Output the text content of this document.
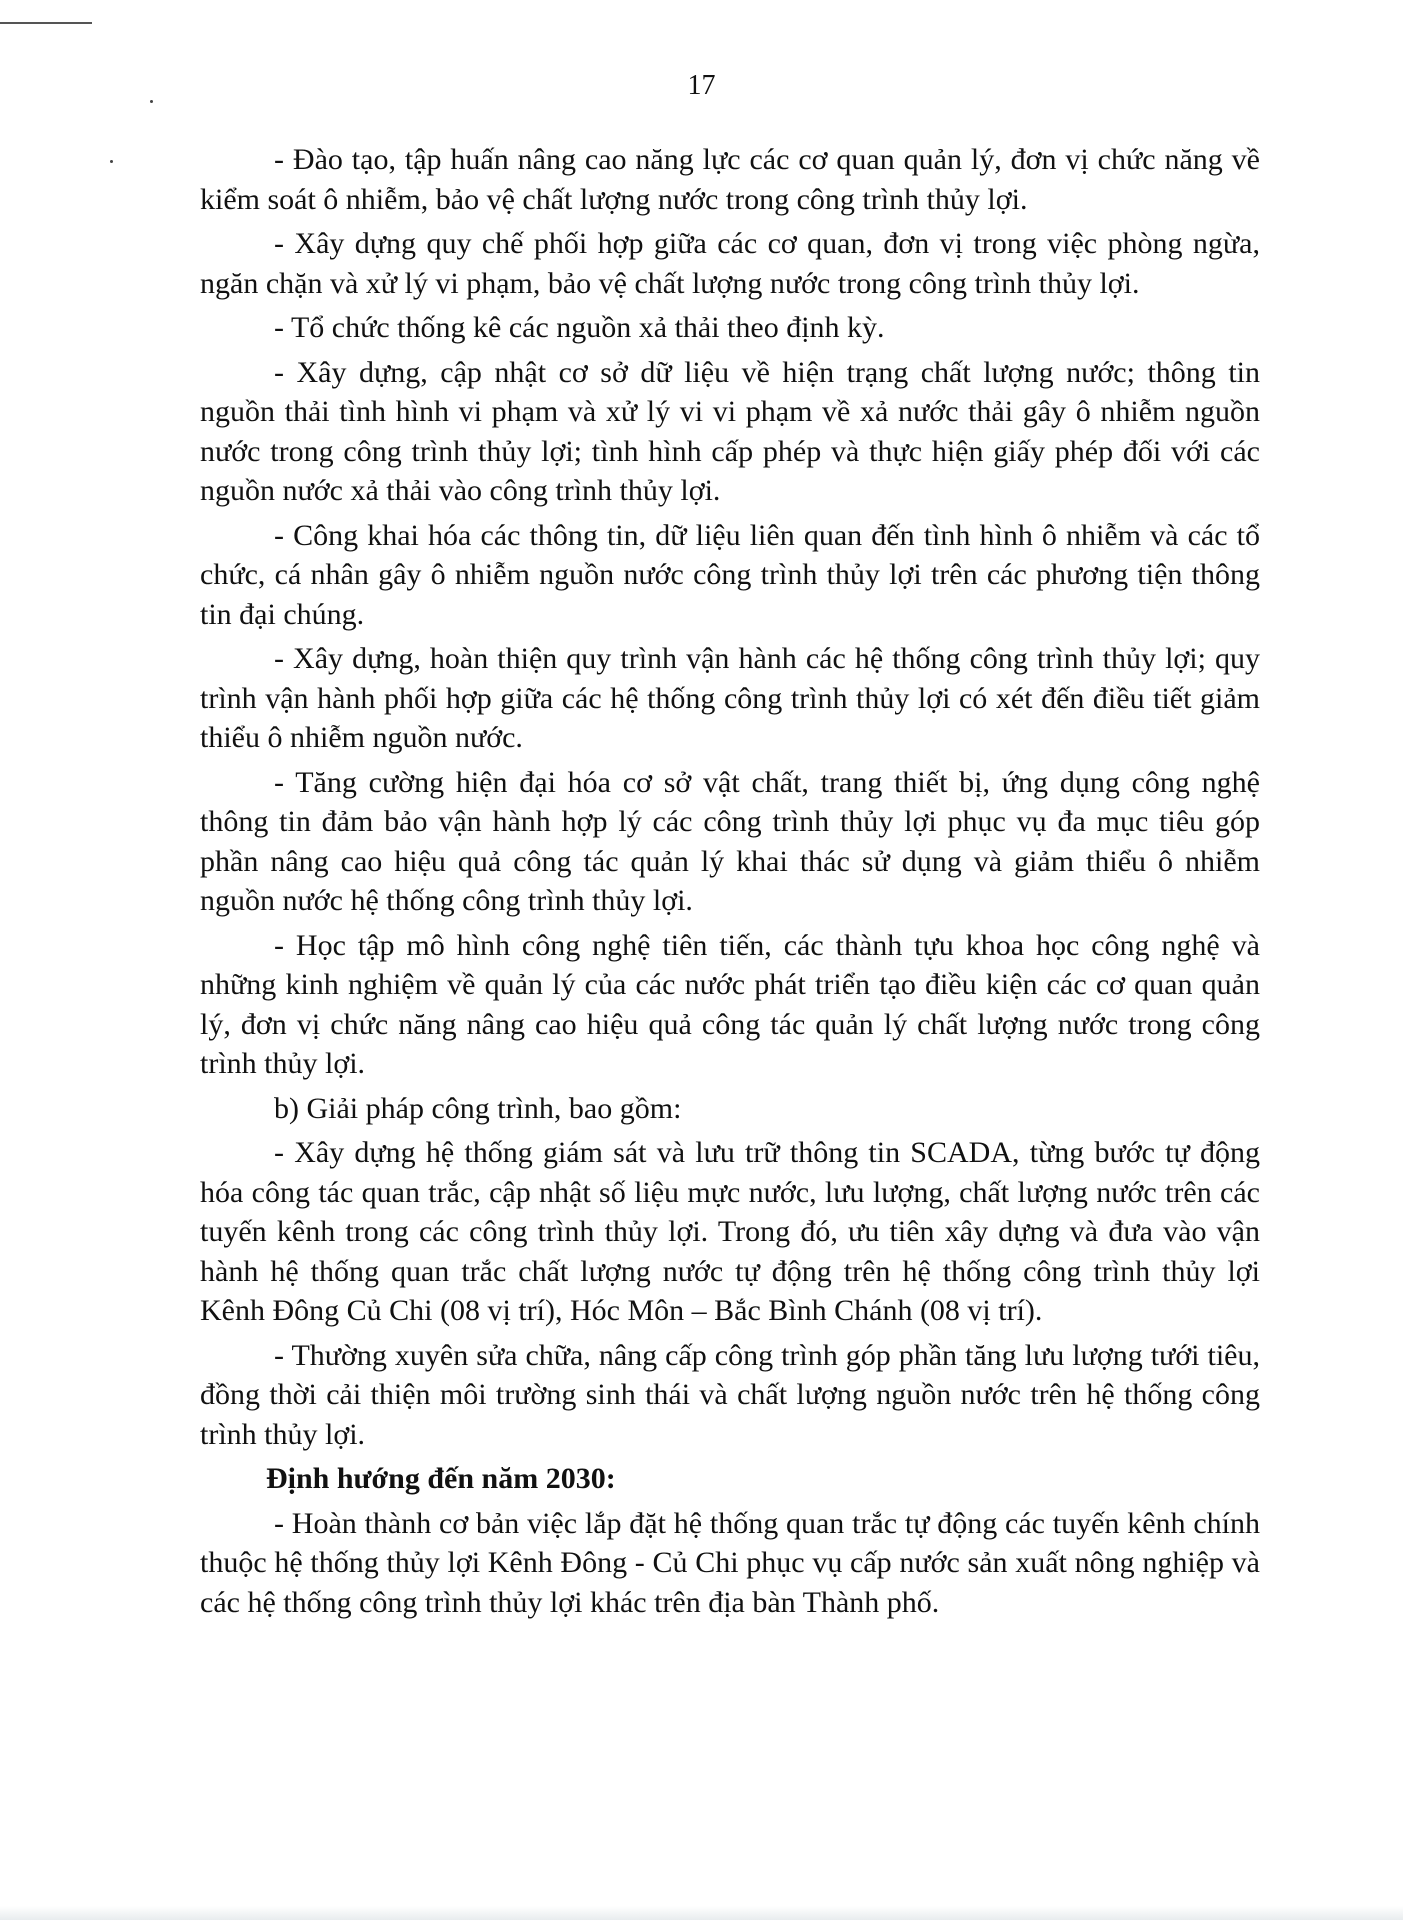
17

- Đào tạo, tập huấn nâng cao năng lực các cơ quan quản lý, đơn vị chức năng về kiểm soát ô nhiễm, bảo vệ chất lượng nước trong công trình thủy lợi.

- Xây dựng quy chế phối hợp giữa các cơ quan, đơn vị trong việc phòng ngừa, ngăn chặn và xử lý vi phạm, bảo vệ chất lượng nước trong công trình thủy lợi.

- Tổ chức thống kê các nguồn xả thải theo định kỳ.

- Xây dựng, cập nhật cơ sở dữ liệu về hiện trạng chất lượng nước; thông tin nguồn thải tình hình vi phạm và xử lý vi vi phạm về xả nước thải gây ô nhiễm nguồn nước trong công trình thủy lợi; tình hình cấp phép và thực hiện giấy phép đối với các nguồn nước xả thải vào công trình thủy lợi.

- Công khai hóa các thông tin, dữ liệu liên quan đến tình hình ô nhiễm và các tổ chức, cá nhân gây ô nhiễm nguồn nước công trình thủy lợi trên các phương tiện thông tin đại chúng.

- Xây dựng, hoàn thiện quy trình vận hành các hệ thống công trình thủy lợi; quy trình vận hành phối hợp giữa các hệ thống công trình thủy lợi có xét đến điều tiết giảm thiểu ô nhiễm nguồn nước.

- Tăng cường hiện đại hóa cơ sở vật chất, trang thiết bị, ứng dụng công nghệ thông tin đảm bảo vận hành hợp lý các công trình thủy lợi phục vụ đa mục tiêu góp phần nâng cao hiệu quả công tác quản lý khai thác sử dụng và giảm thiểu ô nhiễm nguồn nước hệ thống công trình thủy lợi.

- Học tập mô hình công nghệ tiên tiến, các thành tựu khoa học công nghệ và những kinh nghiệm về quản lý của các nước phát triển tạo điều kiện các cơ quan quản lý, đơn vị chức năng nâng cao hiệu quả công tác quản lý chất lượng nước trong công trình thủy lợi.

b) Giải pháp công trình, bao gồm:

- Xây dựng hệ thống giám sát và lưu trữ thông tin SCADA, từng bước tự động hóa công tác quan trắc, cập nhật số liệu mực nước, lưu lượng, chất lượng nước trên các tuyến kênh trong các công trình thủy lợi. Trong đó, ưu tiên xây dựng và đưa vào vận hành hệ thống quan trắc chất lượng nước tự động trên hệ thống công trình thủy lợi Kênh Đông Củ Chi (08 vị trí), Hóc Môn – Bắc Bình Chánh (08 vị trí).

- Thường xuyên sửa chữa, nâng cấp công trình góp phần tăng lưu lượng tưới tiêu, đồng thời cải thiện môi trường sinh thái và chất lượng nguồn nước trên hệ thống công trình thủy lợi.

Định hướng đến năm 2030:

- Hoàn thành cơ bản việc lắp đặt hệ thống quan trắc tự động các tuyến kênh chính thuộc hệ thống thủy lợi Kênh Đông - Củ Chi phục vụ cấp nước sản xuất nông nghiệp và các hệ thống công trình thủy lợi khác trên địa bàn Thành phố.
